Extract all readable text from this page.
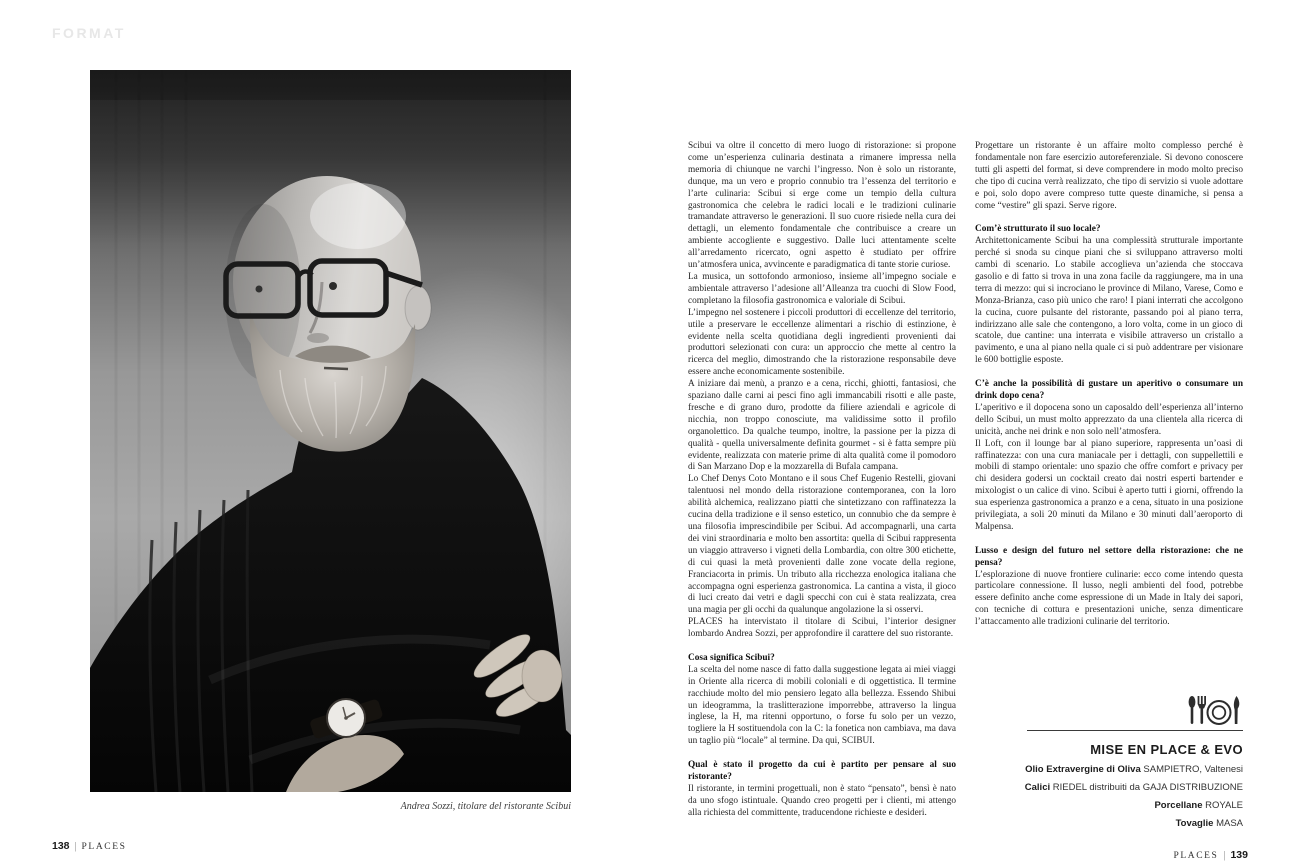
FORMAT
Andrea Sozzi, titolare del ristorante Scibui

Scibui va oltre il concetto di mero luogo di ristorazione: si propone come un’esperienza culinaria destinata a rimanere impressa nella memoria di chiunque ne varchi l’ingresso. Non è solo un ristorante, dunque, ma un vero e proprio connubio tra l’essenza del territorio e l’arte culinaria: Scibui si erge come un tempio della cultura gastronomica che celebra le radici locali e le tradizioni culinarie tramandate attraverso le generazioni. Il suo cuore risiede nella cura dei dettagli, un elemento fondamentale che contribuisce a creare un ambiente accogliente e suggestivo. Dalle luci attentamente scelte all’arredamento ricercato, ogni aspetto è studiato per offrire un’atmosfera unica, avvincente e paradigmatica di tante storie curiose.

La musica, un sottofondo armonioso, insieme all’impegno sociale e ambientale attraverso l’adesione all’Alleanza tra cuochi di Slow Food, completano la filosofia gastronomica e valoriale di Scibui.

L’impegno nel sostenere i piccoli produttori di eccellenze del territorio, utile a preservare le eccellenze alimentari a rischio di estinzione, è evidente nella scelta quotidiana degli ingredienti provenienti dai produttori selezionati con cura: un approccio che mette al centro la ricerca del meglio, dimostrando che la ristorazione responsabile deve essere anche economicamente sostenibile.

A iniziare dai menù, a pranzo e a cena, ricchi, ghiotti, fantasiosi, che spaziano dalle carni ai pesci fino agli immancabili risotti e alle paste, fresche e di grano duro, prodotte da filiere aziendali e agricole di nicchia, non troppo conosciute, ma validissime sotto il profilo organolettico. Da qualche teumpo, inoltre, la passione per la pizza di qualità - quella universalmente definita gourmet - si è fatta sempre più evidente, realizzata con materie prime di alta qualità come il pomodoro di San Marzano Dop e la mozzarella di Bufala campana.

Lo Chef Denys Coto Montano e il sous Chef Eugenio Restelli, giovani talentuosi nel mondo della ristorazione contemporanea, con la loro abilità alchemica, realizzano piatti che sintetizzano con raffinatezza la cucina della tradizione e il senso estetico, un connubio che da sempre è una filosofia imprescindibile per Scibui. Ad accompagnarli, una carta dei vini straordinaria e molto ben assortita: quella di Scibui rappresenta un viaggio attraverso i vigneti della Lombardia, con oltre 300 etichette, di cui quasi la metà provenienti dalle zone vocate della regione, Franciacorta in primis. Un tributo alla ricchezza enologica italiana che accompagna ogni esperienza gastronomica. La cantina a vista, il gioco di luci creato dai vetri e dagli specchi con cui è stata realizzata, crea una magia per gli occhi da qualunque angolazione la si osservi.

PLACES ha intervistato il titolare di Scibui, l’interior designer lombardo Andrea Sozzi, per approfondire il carattere del suo ristorante.

Cosa significa Scibui?

La scelta del nome nasce di fatto dalla suggestione legata ai miei viaggi in Oriente alla ricerca di mobili coloniali e di oggettistica. Il termine racchiude molto del mio pensiero legato alla bellezza. Essendo Shibui un ideogramma, la traslitterazione imporrebbe, attraverso la lingua inglese, la H, ma ritenni opportuno, o forse fu solo per un vezzo, togliere la H sostituendola con la C: la fonetica non cambiava, ma dava un taglio più “locale” al termine. Da qui, SCIBUI.

Qual è stato il progetto da cui è partito per pensare al suo ristorante?

Il ristorante, in termini progettuali, non è stato “pensato”, bensì è nato da uno sfogo istintuale. Quando creo progetti per i clienti, mi attengo alla richiesta del committente, traducendone richieste e desideri.

Progettare un ristorante è un affaire molto complesso perché è fondamentale non fare esercizio autoreferenziale. Si devono conoscere tutti gli aspetti del format, si deve comprendere in modo molto preciso che tipo di cucina verrà realizzato, che tipo di servizio si vuole adottare e poi, solo dopo avere compreso tutte queste dinamiche, si pensa a come “vestire” gli spazi. Serve rigore.

Com’è strutturato il suo locale?

Architettonicamente Scibui ha una complessità strutturale importante perché si snoda su cinque piani che si sviluppano attraverso molti cambi di scenario. Lo stabile accoglieva un’azienda che stoccava gasolio e di fatto si trova in una zona facile da raggiungere, ma in una terra di mezzo: qui si incrociano le province di Milano, Varese, Como e Monza-Brianza, caso più unico che raro! I piani interrati che accolgono la cucina, cuore pulsante del ristorante, passando poi al piano terra, indirizzano alle sale che contengono, a loro volta, come in un gioco di scatole, due cantine: una interrata e visibile attraverso un cristallo a pavimento, e una al piano nella quale ci si può addentrare per visionare le 600 bottiglie esposte.

C’è anche la possibilità di gustare un aperitivo o consumare un drink dopo cena?

L’aperitivo e il dopocena sono un caposaldo dell’esperienza all’interno dello Scibui, un must molto apprezzato da una clientela alla ricerca di unicità, anche nei drink e non solo nell’atmosfera.

Il Loft, con il lounge bar al piano superiore, rappresenta un’oasi di raffinatezza: con una cura maniacale per i dettagli, con suppellettili e mobili di stampo orientale: uno spazio che offre comfort e privacy per chi desidera godersi un cocktail creato dai nostri esperti bartender e mixologist o un calice di vino. Scibui è aperto tutti i giorni, offrendo la sua esperienza gastronomica a pranzo e a cena, situato in una posizione privilegiata, a soli 20 minuti da Milano e 30 minuti dall’aeroporto di Malpensa.

Lusso e design del futuro nel settore della ristorazione: che ne pensa?

L’esplorazione di nuove frontiere culinarie: ecco come intendo questa particolare connessione. Il lusso, negli ambienti del food, potrebbe essere definito anche come espressione di un Made in Italy dei sapori, con tecniche di cottura e presentazioni uniche, senza dimenticare l’attaccamento alle tradizioni culinarie del territorio.

MISE EN PLACE & EVO
Olio Extravergine di Oliva SAMPIETRO, Valtenesi
Calici RIEDEL distribuiti da GAJA DISTRIBUZIONE
Porcellane ROYALE
Tovaglie MASA
138 | PLACES
PLACES | 139
